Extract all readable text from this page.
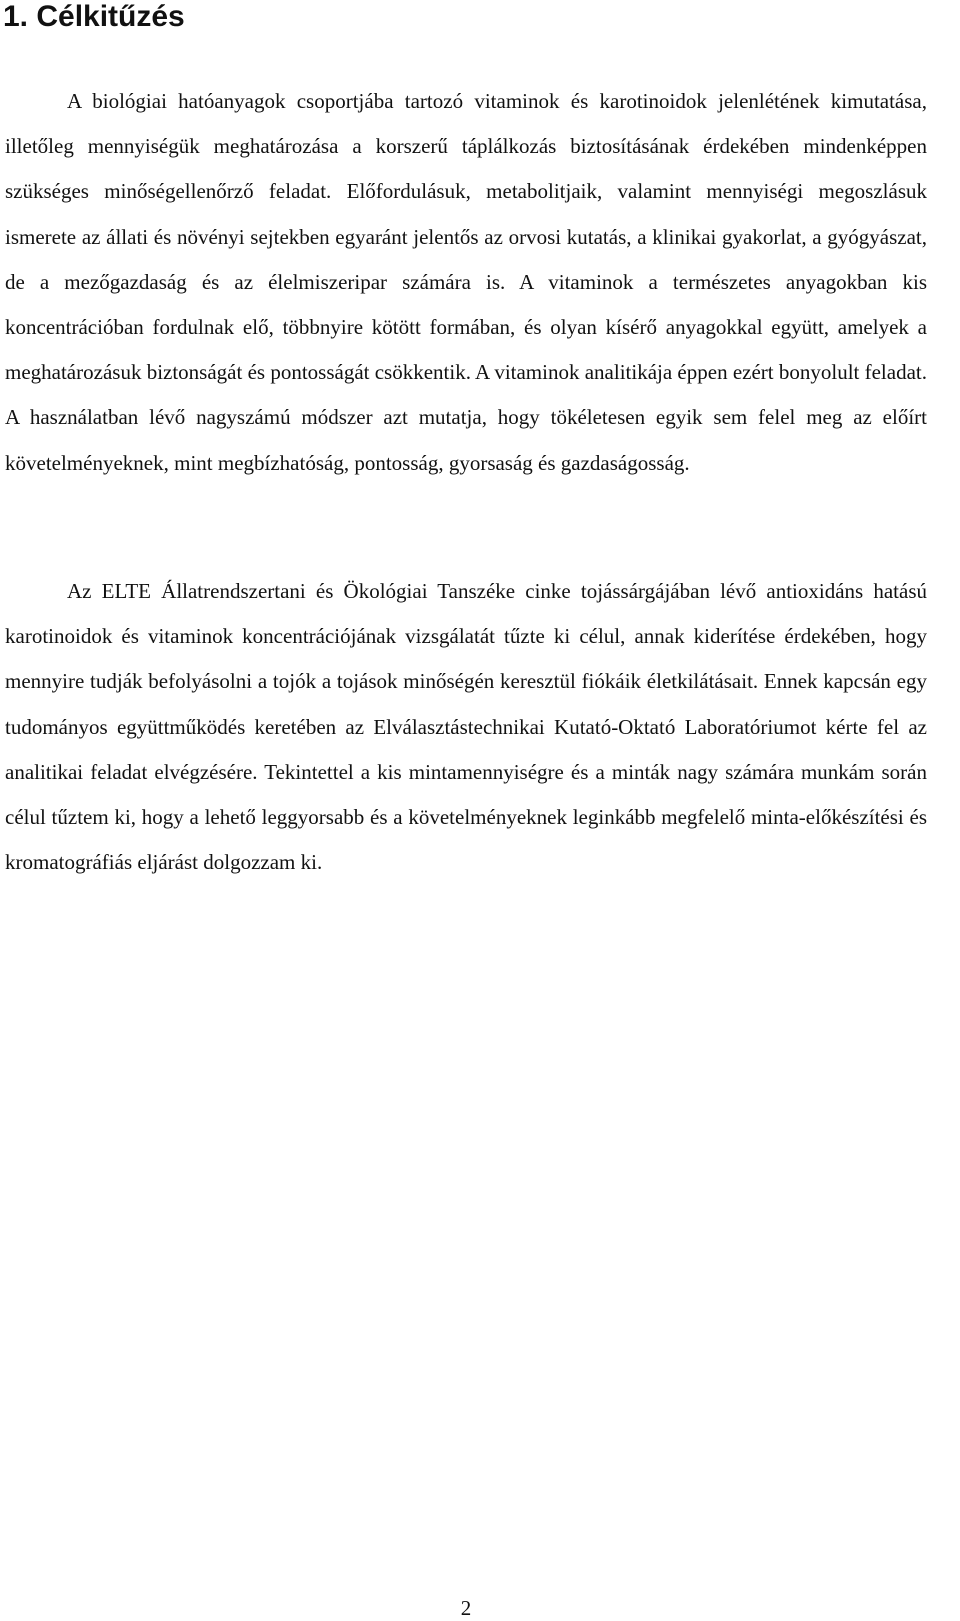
1. Célkitűzés

A biológiai hatóanyagok csoportjába tartozó vitaminok és karotinoidok jelenlétének kimutatása, illetőleg mennyiségük meghatározása a korszerű táplálkozás biztosításának érdekében mindenképpen szükséges minőségellenőrző feladat. Előfordulásuk, metabolitjaik, valamint mennyiségi megoszlásuk ismerete az állati és növényi sejtekben egyaránt jelentős az orvosi kutatás, a klinikai gyakorlat, a gyógyászat, de a mezőgazdaság és az élelmiszeripar számára is. A vitaminok a természetes anyagokban kis koncentrációban fordulnak elő, többnyire kötött formában, és olyan kísérő anyagokkal együtt, amelyek a meghatározásuk biztonságát és pontosságát csökkentik. A vitaminok analitikája éppen ezért bonyolult feladat. A használatban lévő nagyszámú módszer azt mutatja, hogy tökéletesen egyik sem felel meg az előírt követelményeknek, mint megbízhatóság, pontosság, gyorsaság és gazdaságosság.

Az ELTE Állatrendszertani és Ökológiai Tanszéke cinke tojássárgájában lévő antioxidáns hatású karotinoidok és vitaminok koncentrációjának vizsgálatát tűzte ki célul, annak kiderítése érdekében, hogy mennyire tudják befolyásolni a tojók a tojások minőségén keresztül fiókáik életkilátásait. Ennek kapcsán egy tudományos együttműködés keretében az Elválasztástechnikai Kutató-Oktató Laboratóriumot kérte fel az analitikai feladat elvégzésére. Tekintettel a kis mintamennyiségre és a minták nagy számára munkám során célul tűztem ki, hogy a lehető leggyorsabb és a követelményeknek leginkább megfelelő minta-előkészítési és kromatográfiás eljárást dolgozzam ki.

2
